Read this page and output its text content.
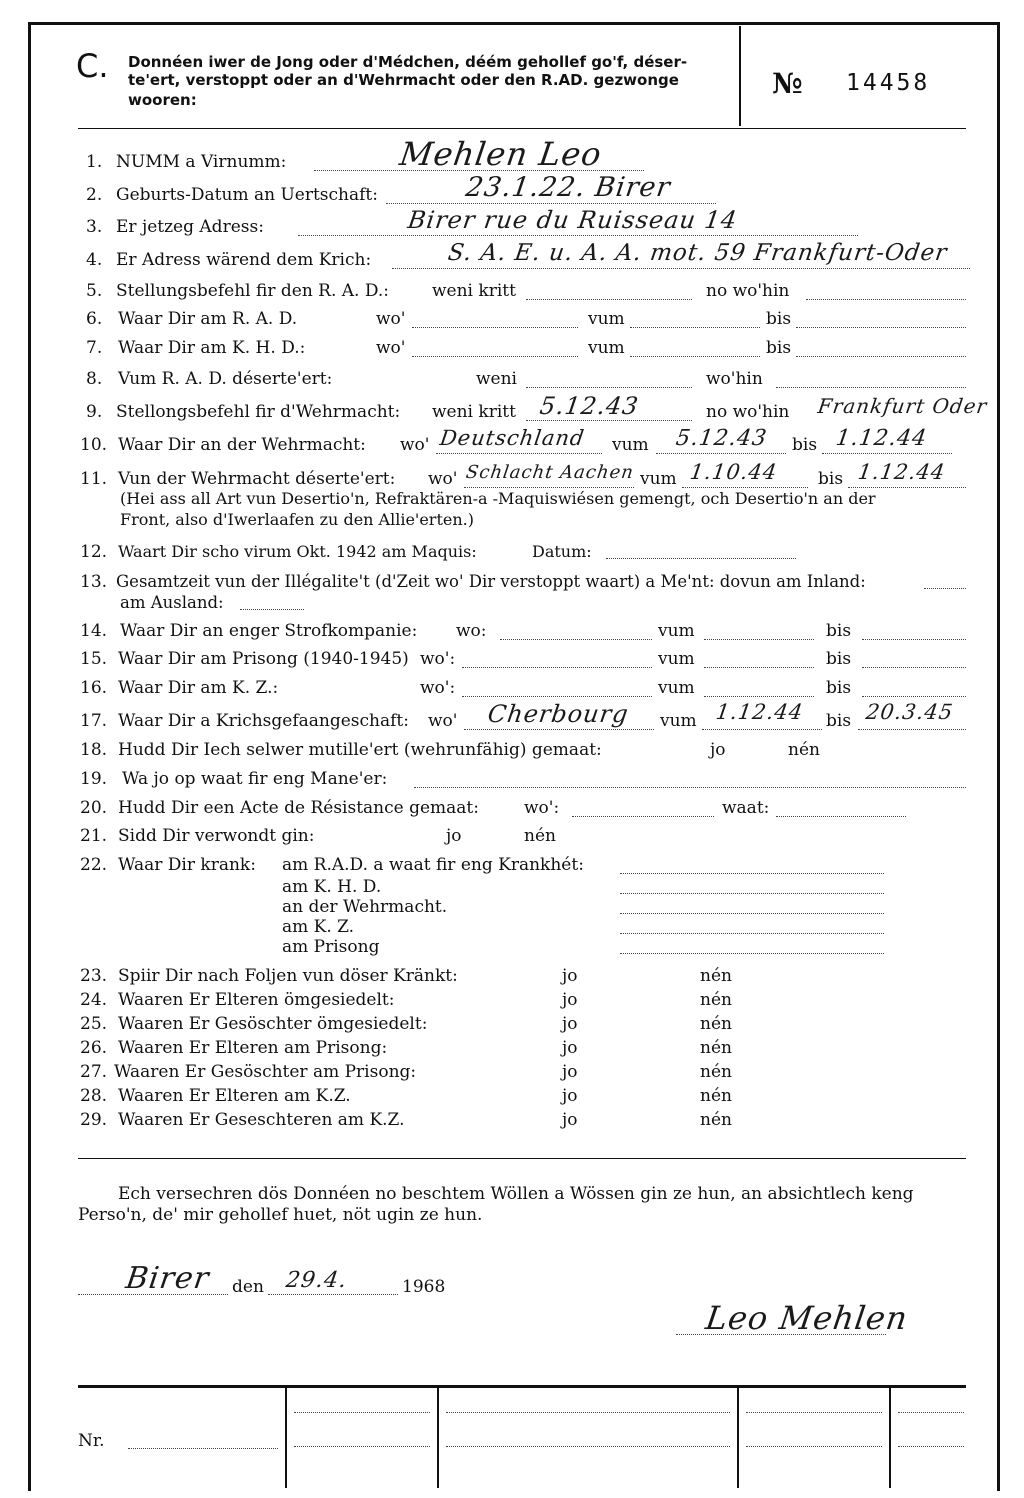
C. Donnéen iwer de Jong oder d'Médchen, déém gehollef go'f, déser-
te'ert, verstoppt oder an d'Wehrmacht oder den R.AD. gezwonge
wooren:	№ 14458
1. NUMM a Virnumm:	Mehlen Leo
2. Geburts-Datum an Uertschaft:	23.1.22. Birer
3. Er jetzeg Adress:	Birer rue du Ruisseau 14
4. Er Adress wärend dem Krich:	S. A. E. u. A. A. mot. 59 Frankfurt-Oder
5. Stellungsbefehl fir den R. A. D.:	weni kritt	no wo'hin
6. Waar Dir am R. A. D.	wo'	vum	bis
7. Waar Dir am K. H. D.:	wo'	vum	bis
8. Vum R. A. D. déserte'ert:	weni	wo'hin
9. Stellongsbefehl fir d'Wehrmacht: weni kritt 5.12.43	no wo'hin Frankfurt Oder
10. Waar Dir an der Wehrmacht: wo' Deutschland vum 5.12.43 bis 1.12.44
11. Vun der Wehrmacht déserte'ert: wo' Schlacht Aachen vum 1.10.44 bis 1.12.44
(Hei ass all Art vun Desertio'n, Refraktären-a -Maquiswiésen gemengt, och Desertio'n an der
Front, also d'Iwerlaafen zu den Allie'erten.)
12. Waart Dir scho virum Okt. 1942 am Maquis:	Datum:
13. Gesamtzeit vun der Illégalite't (d'Zeit wo' Dir verstoppt waart) a Me'nt: dovun am Inland:
am Ausland:
14. Waar Dir an enger Strofkompanie: wo:	vum	bis
15. Waar Dir am Prisong (1940-1945) wo':	vum	bis
16. Waar Dir am K. Z.:	wo':	vum	bis
17. Waar Dir a Krichsgefaangeschaft: wo' Cherbourg vum 1.12.44 bis 20.3.45
18. Hudd Dir Iech selwer mutille'ert (wehrunfähig) gemaat:	jo	nén
19. Wa jo op waat fir eng Mane'er:
20. Hudd Dir een Acte de Résistance gemaat:	wo':	waat:
21. Sidd Dir verwondt gin:	jo	nén
22. Waar Dir krank: am R.A.D. a waat fir eng Krankhét:
am K. H. D.
an der Wehrmacht.
am K. Z.
am Prisong
23. Spiir Dir nach Foljen vun döser Kränkt:	jo	nén
24. Waaren Er Elteren ömgesiedelt:	jo	nén
25. Waaren Er Gesöschter ömgesiedelt:	jo	nén
26. Waaren Er Elteren am Prisong:	jo	nén
27. Waaren Er Gesöschter am Prisong:	jo	nén
28. Waaren Er Elteren am K.Z.	jo	nén
29. Waaren Er Geseschteren am K.Z.	jo	nén
Ech versechren dös Donnéen no beschtem Wöllen a Wössen gin ze hun, an absichtlech keng
Perso'n, de' mir gehollef huet, nöt ugin ze hun.
Birer den 29.4.	1968
Leo Mehlen
Nr.
